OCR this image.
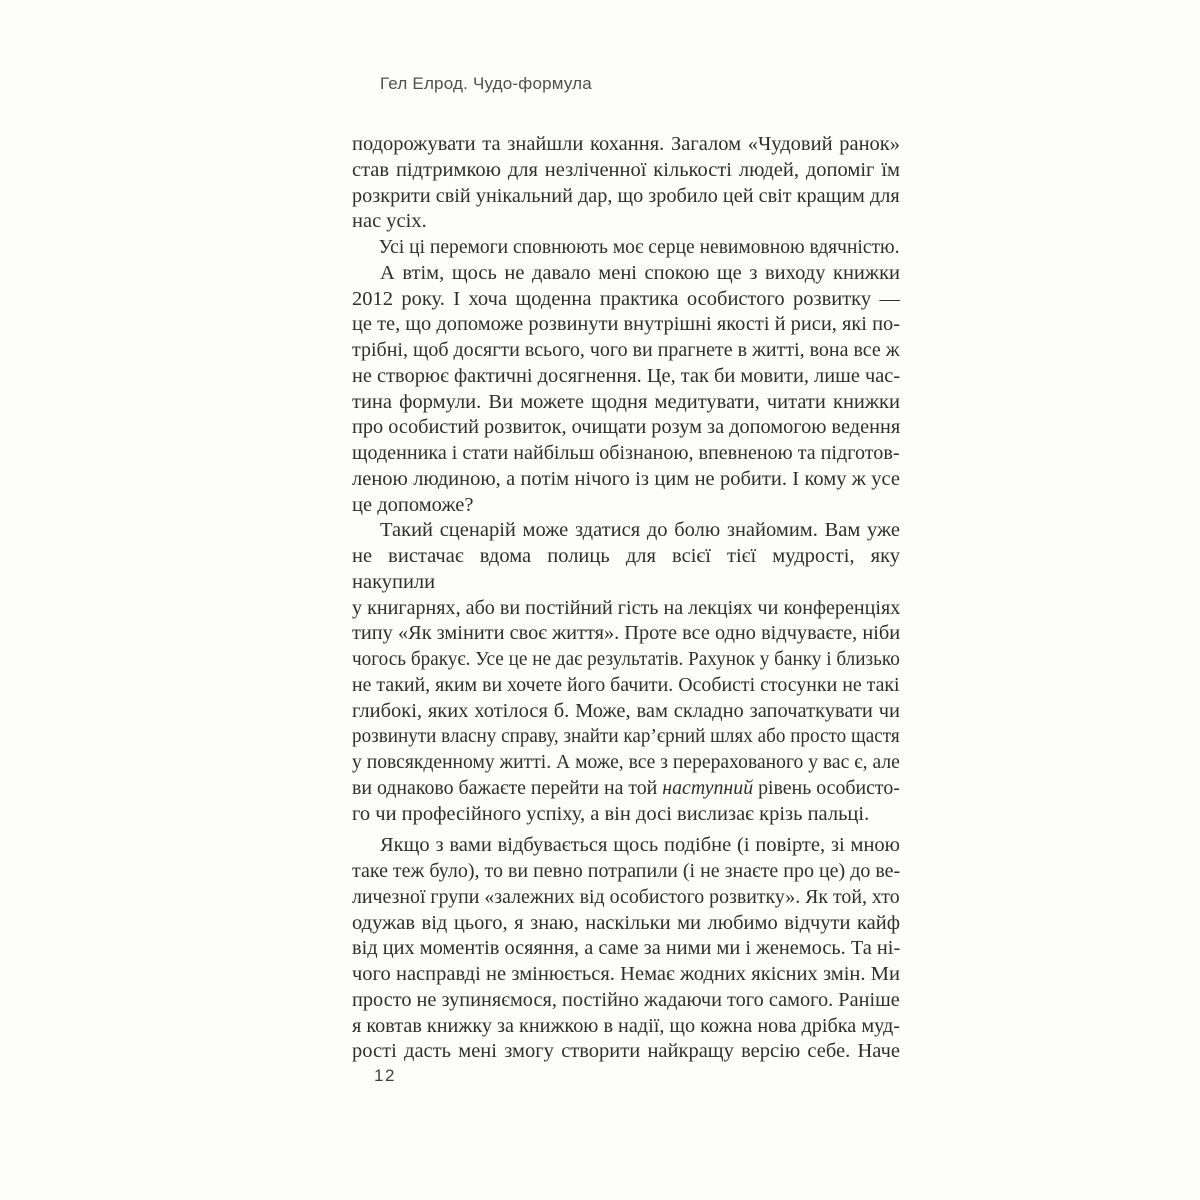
Гел Елрод. Чудо-формула
подорожувати та знайшли кохання. Загалом «Чудовий ранок»
став підтримкою для незліченної кількості людей, допоміг їм
розкрити свій унікальний дар, що зробило цей світ кращим для
нас усіх.
Усі ці перемоги сповнюють моє серце невимовною вдячністю.
А втім, щось не давало мені спокою ще з виходу книжки
2012 року. І хоча щоденна практика особистого розвитку —
це те, що допоможе розвинути внутрішні якості й риси, які по-
трібні, щоб досягти всього, чого ви прагнете в житті, вона все ж
не створює фактичні досягнення. Це, так би мовити, лише час-
тина формули. Ви можете щодня медитувати, читати книжки
про особистий розвиток, очищати розум за допомогою ведення
щоденника і стати найбільш обізнаною, впевненою та підготов-
леною людиною, а потім нічого із цим не робити. І кому ж усе
це допоможе?
Такий сценарій може здатися до болю знайомим. Вам уже
не вистачає вдома полиць для всієї тієї мудрості, яку накупили
у книгарнях, або ви постійний гість на лекціях чи конференціях
типу «Як змінити своє життя». Проте все одно відчуваєте, ніби
чогось бракує. Усе це не дає результатів. Рахунок у банку і близько
не такий, яким ви хочете його бачити. Особисті стосунки не такі
глибокі, яких хотілося б. Може, вам складно започаткувати чи
розвинути власну справу, знайти кар’єрний шлях або просто щастя
у повсякденному житті. А може, все з перерахованого у вас є, але
ви однаково бажаєте перейти на той наступний рівень особисто-
го чи професійного успіху, а він досі вислизає крізь пальці.
Якщо з вами відбувається щось подібне (і повірте, зі мною
таке теж було), то ви певно потрапили (і не знаєте про це) до ве-
личезної групи «залежних від особистого розвитку». Як той, хто
одужав від цього, я знаю, наскільки ми любимо відчути кайф
від цих моментів осяяння, а саме за ними ми і женемось. Та ні-
чого насправді не змінюється. Немає жодних якісних змін. Ми
просто не зупиняємося, постійно жадаючи того самого. Раніше
я ковтав книжку за книжкою в надії, що кожна нова дрібка муд-
рості дасть мені змогу створити найкращу версію себе. Наче
12
